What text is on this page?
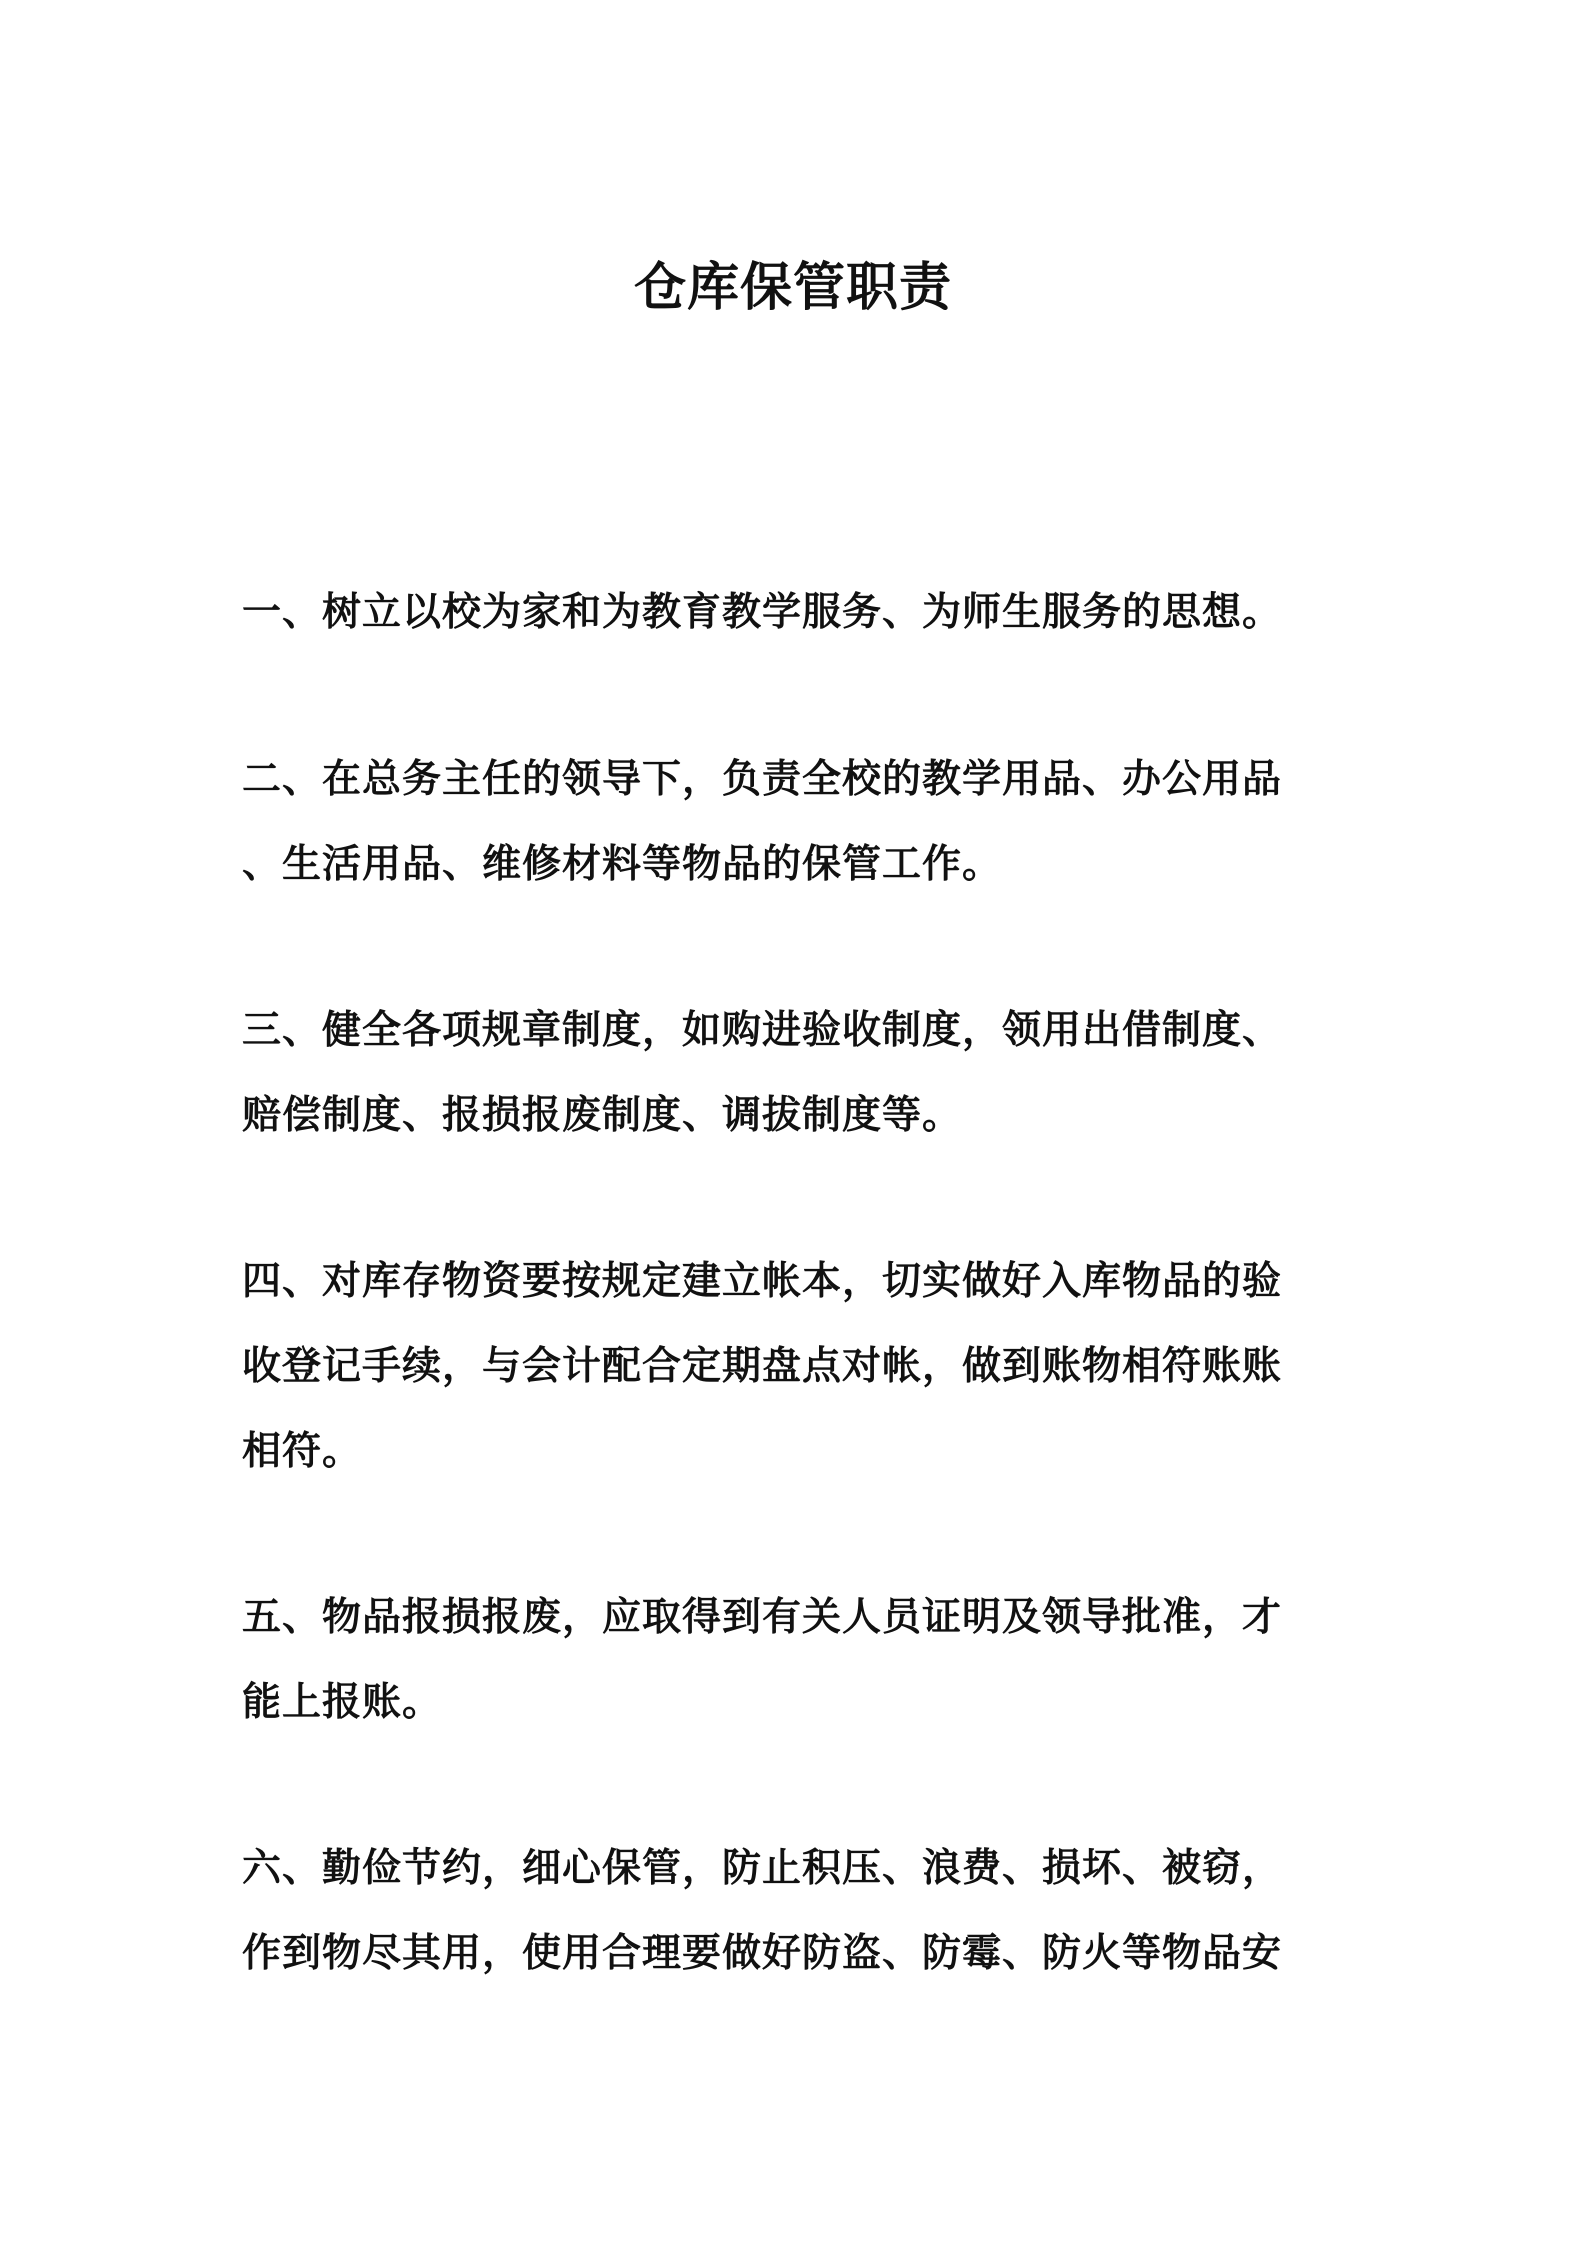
仓库保管职责

一、树立以校为家和为教育教学服务、为师生服务的思想。

二、在总务主任的领导下，负责全校的教学用品、办公用品
、生活用品、维修材料等物品的保管工作。

三、健全各项规章制度，如购进验收制度，领用出借制度、
赔偿制度、报损报废制度、调拔制度等。

四、对库存物资要按规定建立帐本，切实做好入库物品的验
收登记手续，与会计配合定期盘点对帐，做到账物相符账账
相符。

五、物品报损报废，应取得到有关人员证明及领导批准，才
能上报账。

六、勤俭节约，细心保管，防止积压、浪费、损坏、被窃，
作到物尽其用，使用合理要做好防盗、防霉、防火等物品安
